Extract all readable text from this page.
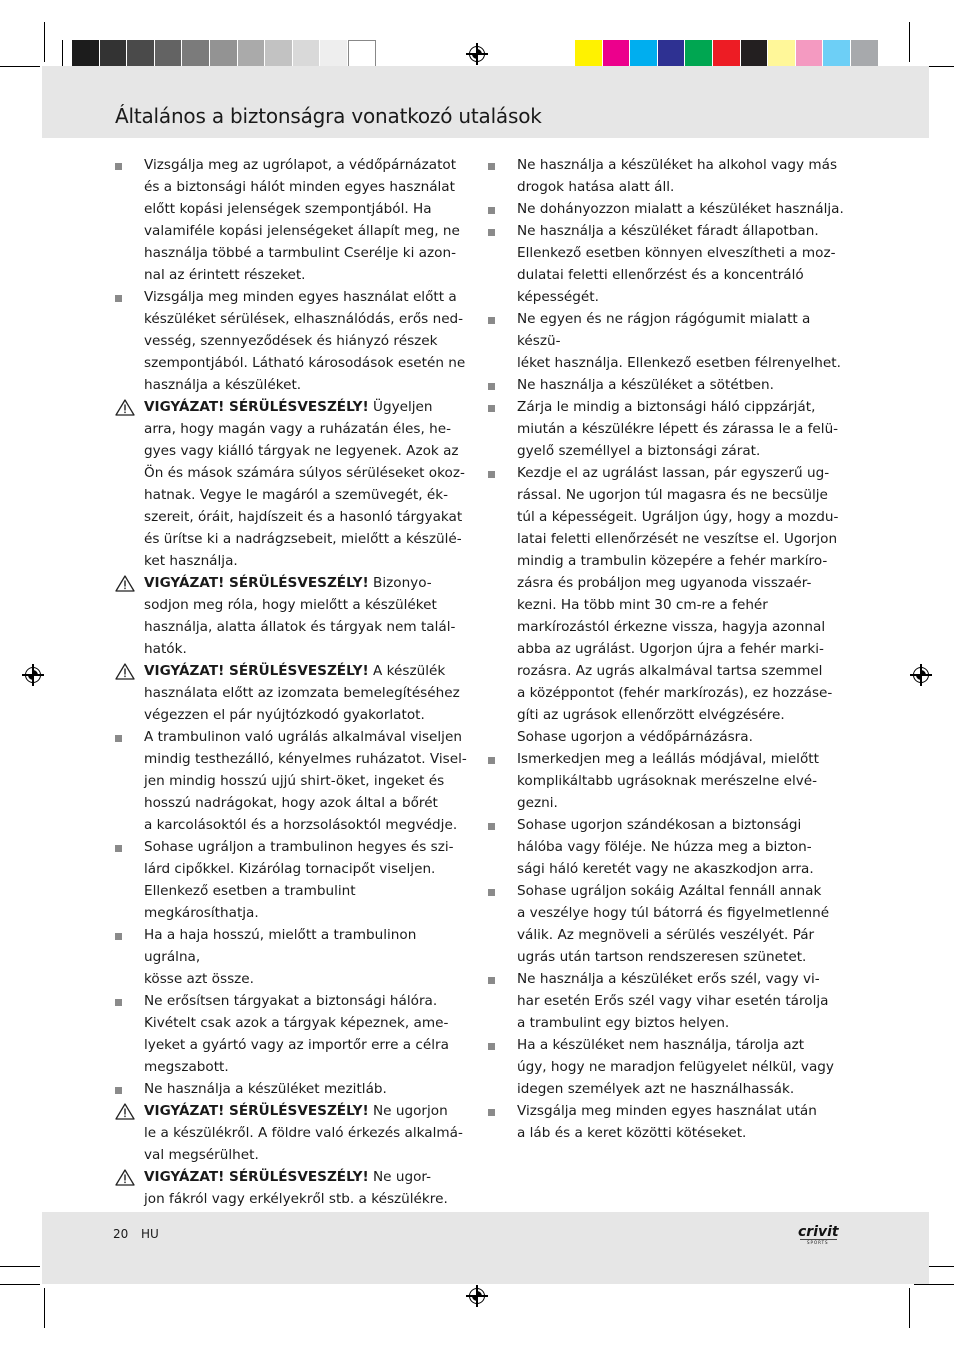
Általános a biztonságra vonatkozó utalások
Vizsgálja meg az ugrólapot, a védőpárnázatot
és a biztonsági hálót minden egyes használat
előtt kopási jelenségek szempontjából. Ha
valamiféle kopási jelenségeket állapít meg, ne
használja többé a tarmbulint Cserélje ki azon-
nal az érintett részeket.
Vizsgálja meg minden egyes használat előtt a
készüléket sérülések, elhasználódás, erős ned-
vesség, szennyeződések és hiányzó részek
szempontjából. Látható károsodások esetén ne
használja a készüléket.
VIGYÁZAT! SÉRÜLÉSVESZÉLY! Ügyeljen
arra, hogy magán vagy a ruházatán éles, he-
gyes vagy kiálló tárgyak ne legyenek. Azok az
Ön és mások számára súlyos sérüléseket okoz-
hatnak. Vegye le magáról a szemüvegét, ék-
szereit, óráit, hajdíszeit és a hasonló tárgyakat
és ürítse ki a nadrágzsebeit, mielőtt a készülé-
ket használja.
VIGYÁZAT! SÉRÜLÉSVESZÉLY! Bizonyo-
sodjon meg róla, hogy mielőtt a készüléket
használja, alatta állatok és tárgyak nem talál-
hatók.
VIGYÁZAT! SÉRÜLÉSVESZÉLY! A készülék
használata előtt az izomzata bemelegítéséhez
végezzen el pár nyújtózkodó gyakorlatot.
A trambulinon való ugrálás alkalmával viseljen
mindig testhezálló, kényelmes ruházatot. Visel-
jen mindig hosszú ujjú shirt-öket, ingeket és
hosszú nadrágokat, hogy azok által a bőrét
a karcolásoktól és a horzsolásoktól megvédje.
Sohase ugráljon a trambulinon hegyes és szi-
lárd cipőkkel. Kizárólag tornacipőt viseljen.
Ellenkező esetben a trambulint megkárosíthatja.
Ha a haja hosszú, mielőtt a trambulinon ugrálna,
kösse azt össze.
Ne erősítsen tárgyakat a biztonsági hálóra.
Kivételt csak azok a tárgyak képeznek, ame-
lyeket a gyártó vagy az importőr erre a célra
megszabott.
Ne használja a készüléket mezitláb.
VIGYÁZAT! SÉRÜLÉSVESZÉLY! Ne ugorjon
le a készülékről. A földre való érkezés alkalmá-
val megsérülhet.
VIGYÁZAT! SÉRÜLÉSVESZÉLY! Ne ugor-
jon fákról vagy erkélyekről stb. a készülékre.
Ne használja a készüléket ha alkohol vagy más
drogok hatása alatt áll.
Ne dohányozzon mialatt a készüléket használja.
Ne használja a készüléket fáradt állapotban.
Ellenkező esetben könnyen elveszítheti a moz-
dulatai feletti ellenőrzést és a koncentráló
képességét.
Ne egyen és ne rágjon rágógumit mialatt a készü-
léket használja. Ellenkező esetben félrenyelhet.
Ne használja a készüléket a sötétben.
Zárja le mindig a biztonsági háló cippzárját,
miután a készülékre lépett és zárassa le a felü-
gyelő személlyel a biztonsági zárat.
Kezdje el az ugrálást lassan, pár egyszerű ug-
rással. Ne ugorjon túl magasra és ne becsülje
túl a képességeit. Ugráljon úgy, hogy a mozdu-
latai feletti ellenőrzését ne veszítse el. Ugorjon
mindig a trambulin közepére a fehér markíro-
zásra és probáljon meg ugyanoda visszaér-
kezni. Ha több mint 30 cm-re a fehér
markírozástól érkezne vissza, hagyja azonnal
abba az ugrálást. Ugorjon újra a fehér marki-
rozásra. Az ugrás alkalmával tartsa szemmel
a középpontot (fehér markírozás), ez hozzáse-
gíti az ugrások ellenőrzött elvégzésére.
Sohase ugorjon a védőpárnázásra.
Ismerkedjen meg a leállás módjával, mielőtt
komplikáltabb ugrásoknak merészelne elvé-
gezni.
Sohase ugorjon szándékosan a biztonsági
hálóba vagy föléje. Ne húzza meg a bizton-
sági háló keretét vagy ne akaszkodjon arra.
Sohase ugráljon sokáig Azáltal fennáll annak
a veszélye hogy túl bátorrá és figyelmetlenné
válik. Az megnöveli a sérülés veszélyét. Pár
ugrás után tartson rendszeresen szünetet.
Ne használja a készüléket erős szél, vagy vi-
har esetén Erős szél vagy vihar esetén tárolja
a trambulint egy biztos helyen.
Ha a készüléket nem használja, tárolja azt
úgy, hogy ne maradjon felügyelet nélkül, vagy
idegen személyek azt ne használhassák.
Vizsgálja meg minden egyes használat után
a láb és a keret közötti kötéseket.
20 HU	crivit
SPORTS
